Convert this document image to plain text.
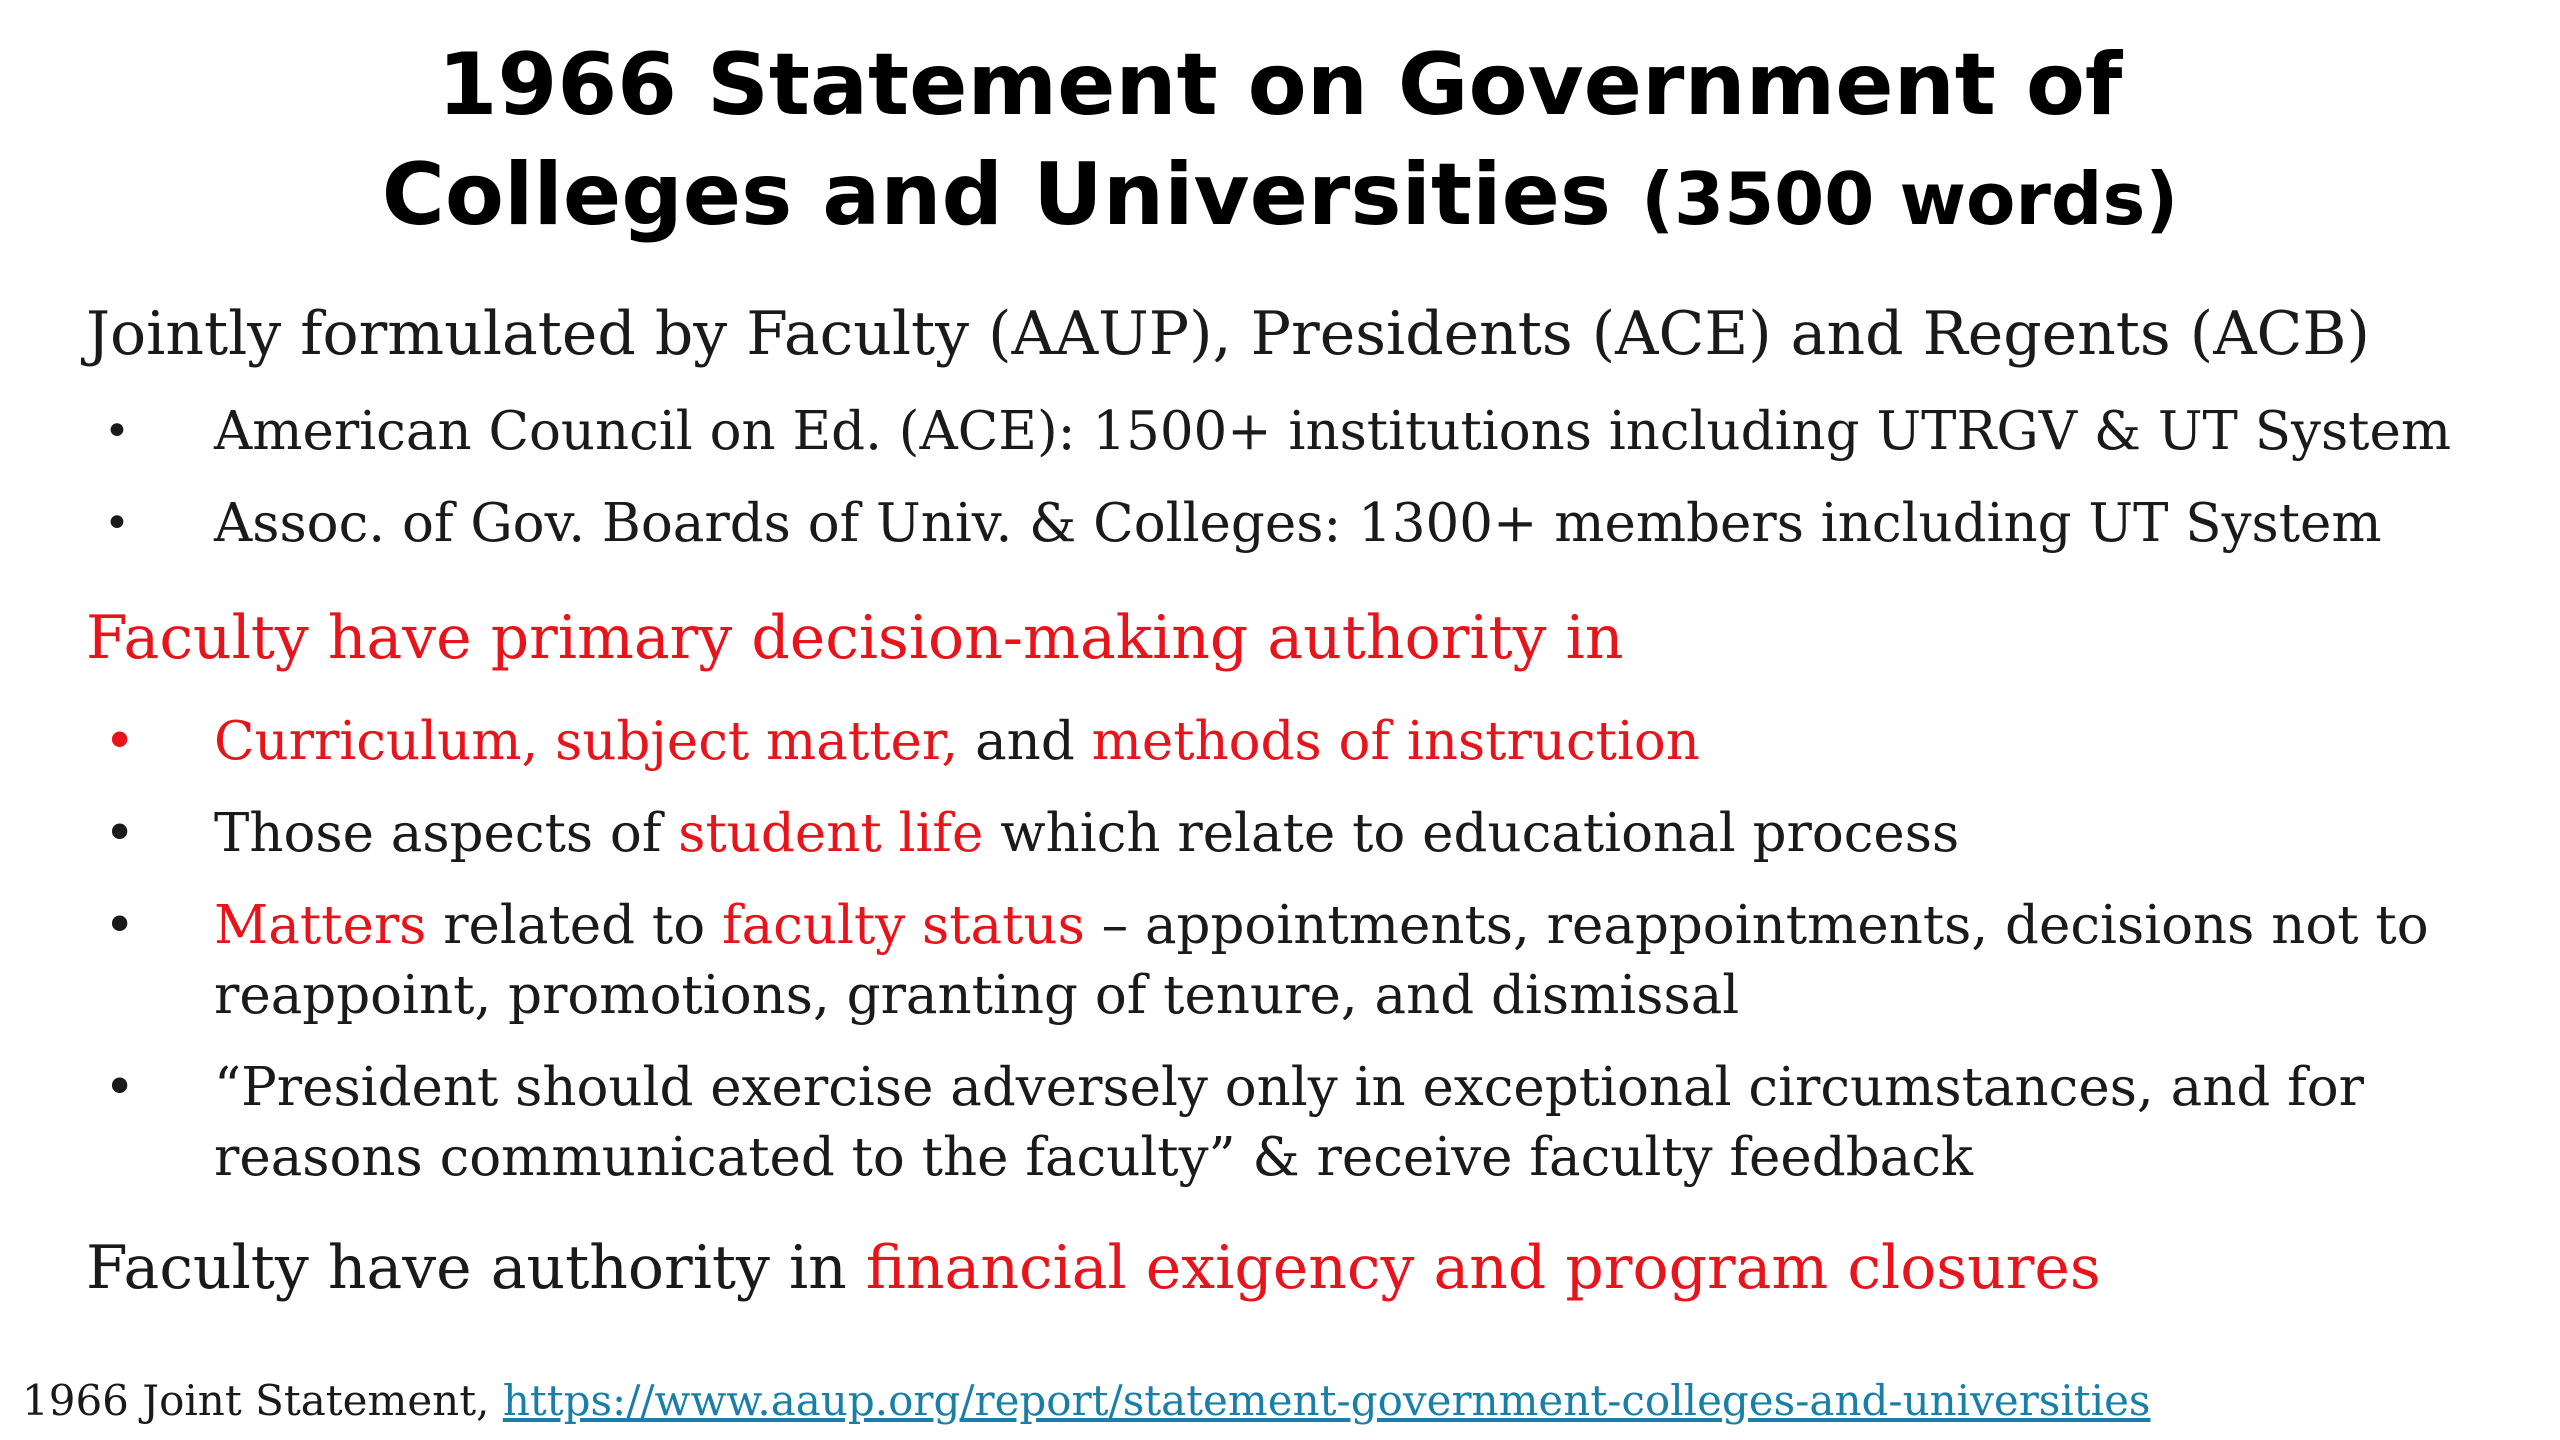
1966 Statement on Government of
Colleges and Universities (3500 words)
Jointly formulated by Faculty (AAUP), Presidents (ACE) and Regents (ACB)
• American Council on Ed. (ACE): 1500+ institutions including UTRGV & UT System
• Assoc. of Gov. Boards of Univ. & Colleges: 1300+ members including UT System
Faculty have primary decision-making authority in
• Curriculum, subject matter, and methods of instruction
• Those aspects of student life which relate to educational process
• Matters related to faculty status – appointments, reappointments, decisions not to reappoint, promotions, granting of tenure, and dismissal
• “President should exercise adversely only in exceptional circumstances, and for reasons communicated to the faculty” & receive faculty feedback
Faculty have authority in financial exigency and program closures
1966 Joint Statement, https://www.aaup.org/report/statement-government-colleges-and-universities
